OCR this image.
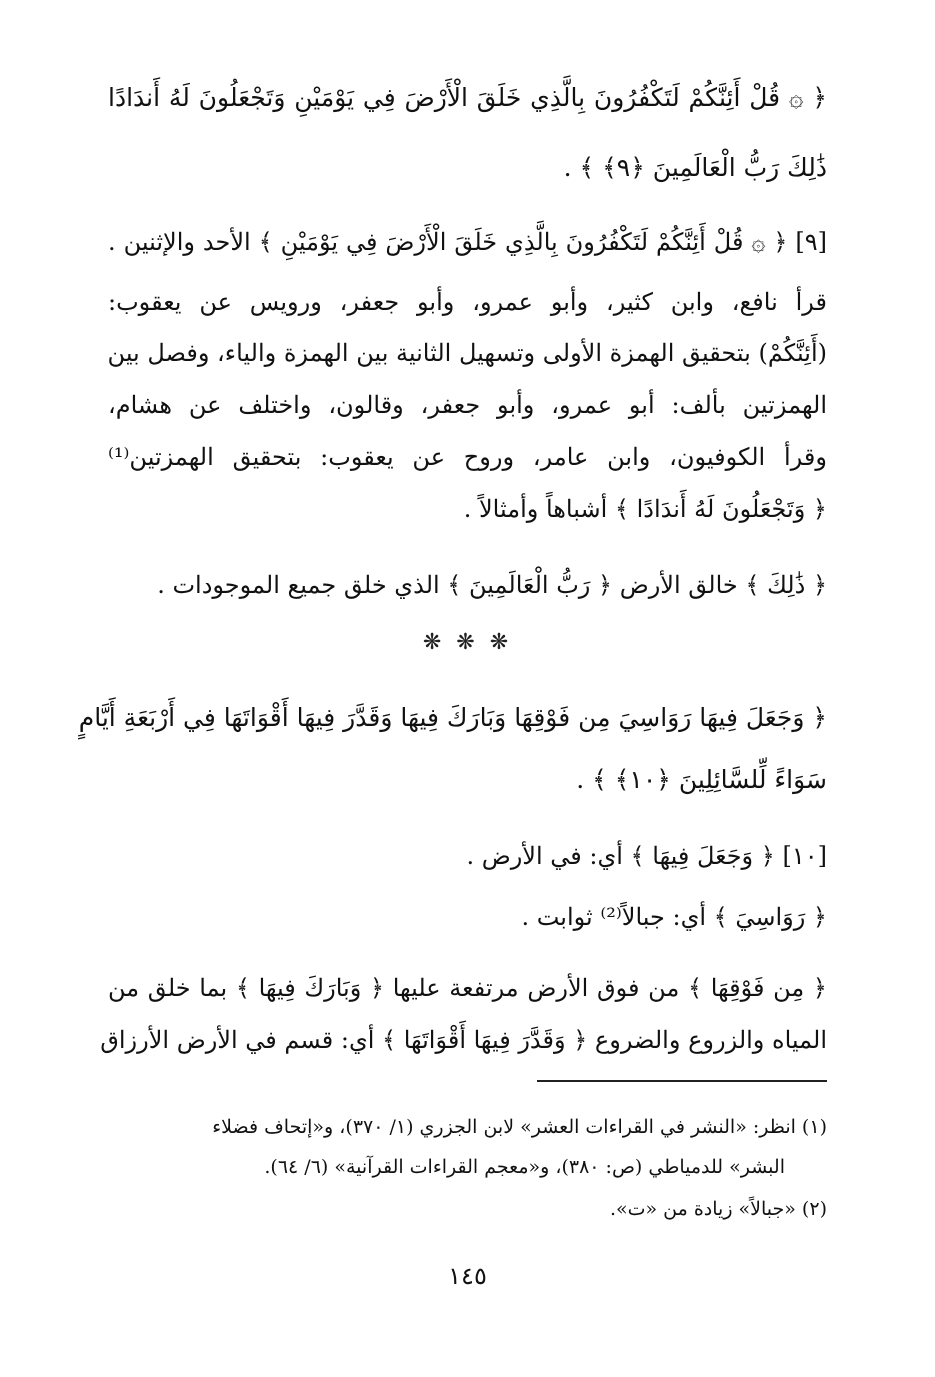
﴿ ۞ قُلْ أَئِنَّكُمْ لَتَكْفُرُونَ بِالَّذِي خَلَقَ الْأَرْضَ فِي يَوْمَيْنِ وَتَجْعَلُونَ لَهُ أَندَادًا
ذَٰلِكَ رَبُّ الْعَالَمِينَ ﴿٩﴾ ﴾ .
[٩] ﴿ ۞ قُلْ أَئِنَّكُمْ لَتَكْفُرُونَ بِالَّذِي خَلَقَ الْأَرْضَ فِي يَوْمَيْنِ ﴾ الأحد والإثنين .
قرأ نافع، وابن كثير، وأبو عمرو، وأبو جعفر، ورويس عن يعقوب:
(أَئِنَّكُمْ) بتحقيق الهمزة الأولى وتسهيل الثانية بين الهمزة والياء، وفصل بين
الهمزتين بألف: أبو عمرو، وأبو جعفر، وقالون، واختلف عن هشام،
وقرأ الكوفيون، وابن عامر، وروح عن يعقوب: بتحقيق الهمزتين⁽¹⁾
﴿ وَتَجْعَلُونَ لَهُ أَندَادًا ﴾ أشباهاً وأمثالاً .
﴿ ذَٰلِكَ ﴾ خالق الأرض ﴿ رَبُّ الْعَالَمِينَ ﴾ الذي خلق جميع الموجودات .
❋ ❋ ❋
﴿ وَجَعَلَ فِيهَا رَوَاسِيَ مِن فَوْقِهَا وَبَارَكَ فِيهَا وَقَدَّرَ فِيهَا أَقْوَاتَهَا فِي أَرْبَعَةِ أَيَّامٍ
سَوَاءً لِّلسَّائِلِينَ ﴿١٠﴾ ﴾ .
[١٠] ﴿ وَجَعَلَ فِيهَا ﴾ أي: في الأرض .
﴿ رَوَاسِيَ ﴾ أي: جبالاً⁽²⁾ ثوابت .
﴿ مِن فَوْقِهَا ﴾ من فوق الأرض مرتفعة عليها ﴿ وَبَارَكَ فِيهَا ﴾ بما خلق من
المياه والزروع والضروع ﴿ وَقَدَّرَ فِيهَا أَقْوَاتَهَا ﴾ أي: قسم في الأرض الأرزاق
(١) انظر: «النشر في القراءات العشر» لابن الجزري (١/ ٣٧٠)، و«إتحاف فضلاء
البشر» للدمياطي (ص: ٣٨٠)، و«معجم القراءات القرآنية» (٦/ ٦٤).
(٢) «جبالاً» زيادة من «ت».
١٤٥
